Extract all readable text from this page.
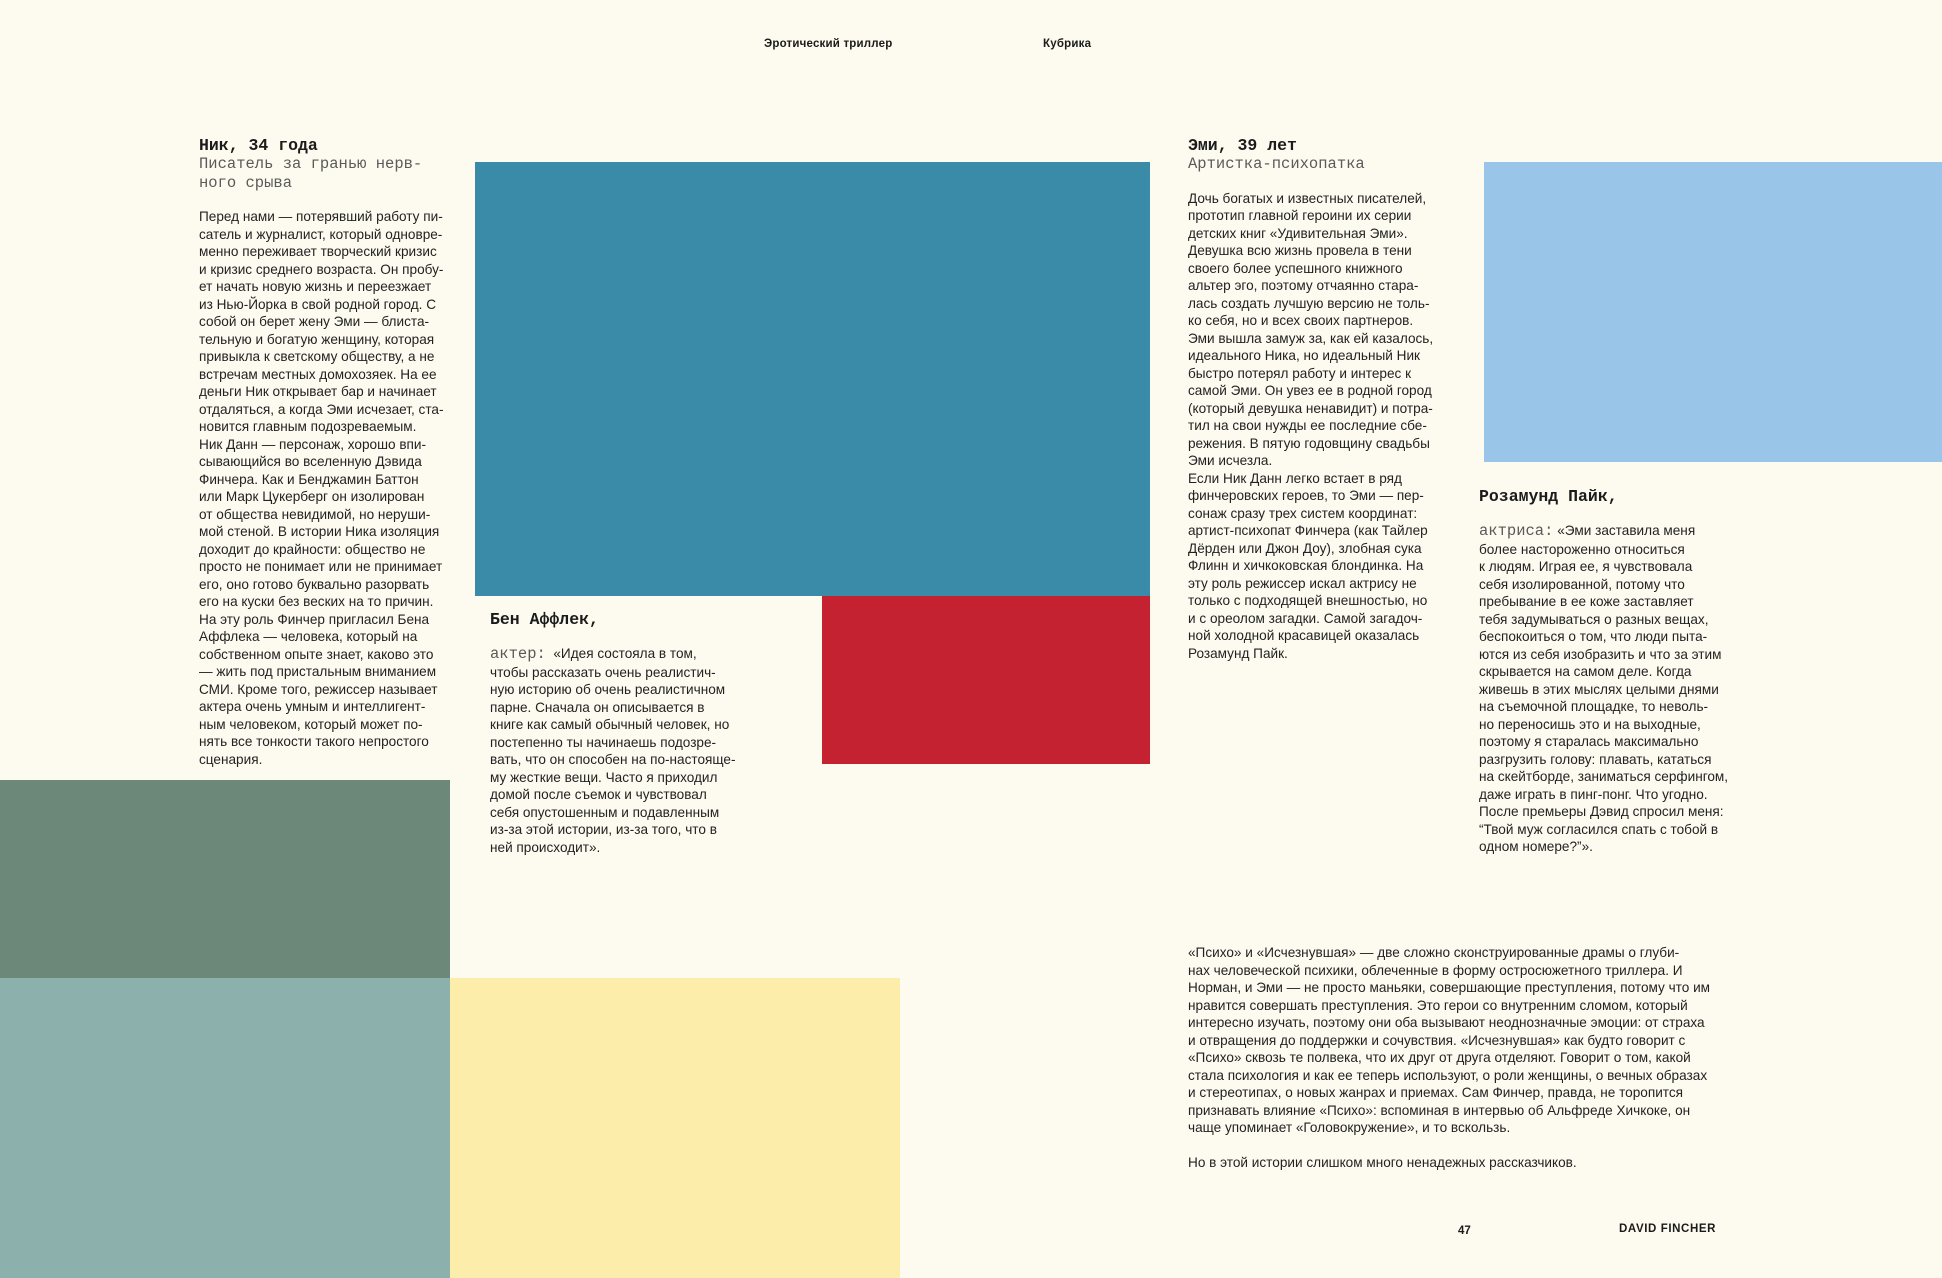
Эротический триллер	Кубрика
Ник, 34 года

Писатель за гранью нерв-
ного срыва

Перед нами — потерявший работу пи-
сатель и журналист, который одновре-
менно переживает творческий кризис
и кризис среднего возраста. Он пробу-
ет начать новую жизнь и переезжает
из Нью-Йорка в свой родной город. С
собой он берет жену Эми — блиста-
тельную и богатую женщину, которая
привыкла к светскому обществу, а не
встречам местных домохозяек. На ее
деньги Ник открывает бар и начинает
отдаляться, а когда Эми исчезает, ста-
новится главным подозреваемым.
Ник Данн — персонаж, хорошо впи-
сывающийся во вселенную Дэвида
Финчера. Как и Бенджамин Баттон
или Марк Цукерберг он изолирован
от общества невидимой, но неруши-
мой стеной. В истории Ника изоляция
доходит до крайности: общество не
просто не понимает или не принимает
его, оно готово буквально разорвать
его на куски без веских на то причин.
На эту роль Финчер пригласил Бена
Аффлека — человека, который на
собственном опыте знает, каково это
— жить под пристальным вниманием
СМИ. Кроме того, режиссер называет
актера очень умным и интеллигент-
ным человеком, который может по-
нять все тонкости такого непростого
сценария.

Бен Аффлек,

актер: «Идея состояла в том,
чтобы рассказать очень реалистич-
ную историю об очень реалистичном
парне. Сначала он описывается в
книге как самый обычный человек, но
постепенно ты начинаешь подозре-
вать, что он способен на по-настояще-
му жесткие вещи. Часто я приходил
домой после съемок и чувствовал
себя опустошенным и подавленным
из-за этой истории, из-за того, что в
ней происходит».

Эми, 39 лет

Артистка-психопатка

Дочь богатых и известных писателей,
прототип главной героини их серии
детских книг «Удивительная Эми».
Девушка всю жизнь провела в тени
своего более успешного книжного
альтер эго, поэтому отчаянно стара-
лась создать лучшую версию не толь-
ко себя, но и всех своих партнеров.
Эми вышла замуж за, как ей казалось,
идеального Ника, но идеальный Ник
быстро потерял работу и интерес к
самой Эми. Он увез ее в родной город
(который девушка ненавидит) и потра-
тил на свои нужды ее последние сбе-
режения. В пятую годовщину свадьбы
Эми исчезла.
Если Ник Данн легко встает в ряд
финчеровских героев, то Эми — пер-
сонаж сразу трех систем координат:
артист-психопат Финчера (как Тайлер
Дёрден или Джон Доу), злобная сука
Флинн и хичкоковская блондинка. На
эту роль режиссер искал актрису не
только с подходящей внешностью, но
и с ореолом загадки. Самой загадоч-
ной холодной красавицей оказалась
Розамунд Пайк.

Розамунд Пайк,

актриса: «Эми заставила меня
более настороженно относиться
к людям. Играя ее, я чувствовала
себя изолированной, потому что
пребывание в ее коже заставляет
тебя задумываться о разных вещах,
беспокоиться о том, что люди пыта-
ются из себя изобразить и что за этим
скрывается на самом деле. Когда
живешь в этих мыслях целыми днями
на съемочной площадке, то неволь-
но переносишь это и на выходные,
поэтому я старалась максимально
разгрузить голову: плавать, кататься
на скейтборде, заниматься серфингом,
даже играть в пинг-понг. Что угодно.
После премьеры Дэвид спросил меня:
“Твой муж согласился спать с тобой в
одном номере?”».

«Психо» и «Исчезнувшая» — две сложно сконструированные драмы о глуби-
нах человеческой психики, облеченные в форму остросюжетного триллера. И
Норман, и Эми — не просто маньяки, совершающие преступления, потому что им
нравится совершать преступления. Это герои со внутренним сломом, который
интересно изучать, поэтому они оба вызывают неоднозначные эмоции: от страха
и отвращения до поддержки и сочувствия. «Исчезнувшая» как будто говорит с
«Психо» сквозь те полвека, что их друг от друга отделяют. Говорит о том, какой
стала психология и как ее теперь используют, о роли женщины, о вечных образах
и стереотипах, о новых жанрах и приемах. Сам Финчер, правда, не торопится
признавать влияние «Психо»: вспоминая в интервью об Альфреде Хичкоке, он
чаще упоминает «Головокружение», и то вскользь.

Но в этой истории слишком много ненадежных рассказчиков.

47	DAVID FINCHER
